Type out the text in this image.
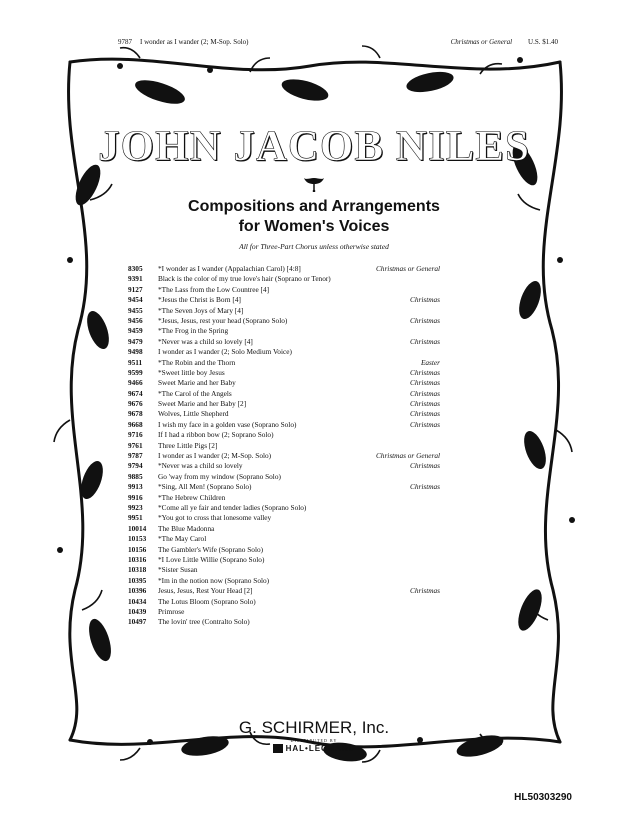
9787 I wonder as I wander (2; M-Sop. Solo)	Christmas or General U.S. $1.40
JOHN JACOB NILES
Compositions and Arrangements
for Women's Voices
All for Three-Part Chorus unless otherwise stated
8305	*I wonder as I wander (Appalachian Carol) [4:8]	Christmas or General
9391	Black is the color of my true love's hair (Soprano or Tenor)
9127	*The Lass from the Low Countree [4]
9454	*Jesus the Christ is Born [4]	Christmas
9455	*The Seven Joys of Mary [4]
9456	*Jesus, Jesus, rest your head (Soprano Solo)	Christmas
9459	*The Frog in the Spring
9479	*Never was a child so lovely [4]	Christmas
9498	I wonder as I wander (2; Solo Medium Voice)
9511	*The Robin and the Thorn	Easter
9599	*Sweet little boy Jesus	Christmas
9466	Sweet Marie and her Baby	Christmas
9674	*The Carol of the Angels	Christmas
9676	Sweet Marie and her Baby [2]	Christmas
9678	Wolves, Little Shepherd	Christmas
9668	I wish my face in a golden vase (Soprano Solo)	Christmas
9716	If I had a ribbon bow (2; Soprano Solo)
9761	Three Little Pigs [2]
9787	I wonder as I wander (2; M-Sop. Solo)	Christmas or General
9794	*Never was a child so lovely	Christmas
9885	Go 'way from my window (Soprano Solo)
9913	*Sing, All Men! (Soprano Solo)	Christmas
9916	*The Hebrew Children
9923	*Come all ye fair and tender ladies (Soprano Solo)
9951	*You got to cross that lonesome valley
10014	The Blue Madonna
10153	*The May Carol
10156	The Gambler's Wife (Soprano Solo)
10316	*I Love Little Willie (Soprano Solo)
10318	*Sister Susan
10395	*Im in the notion now (Soprano Solo)
10396	Jesus, Jesus, Rest Your Head [2]	Christmas
10434	The Lotus Bloom (Soprano Solo)
10439	Primrose
10497	The lovin' tree (Contralto Solo)
G. SCHIRMER, Inc.
DISTRIBUTED BY
HAL•LEONARD
HL50303290
